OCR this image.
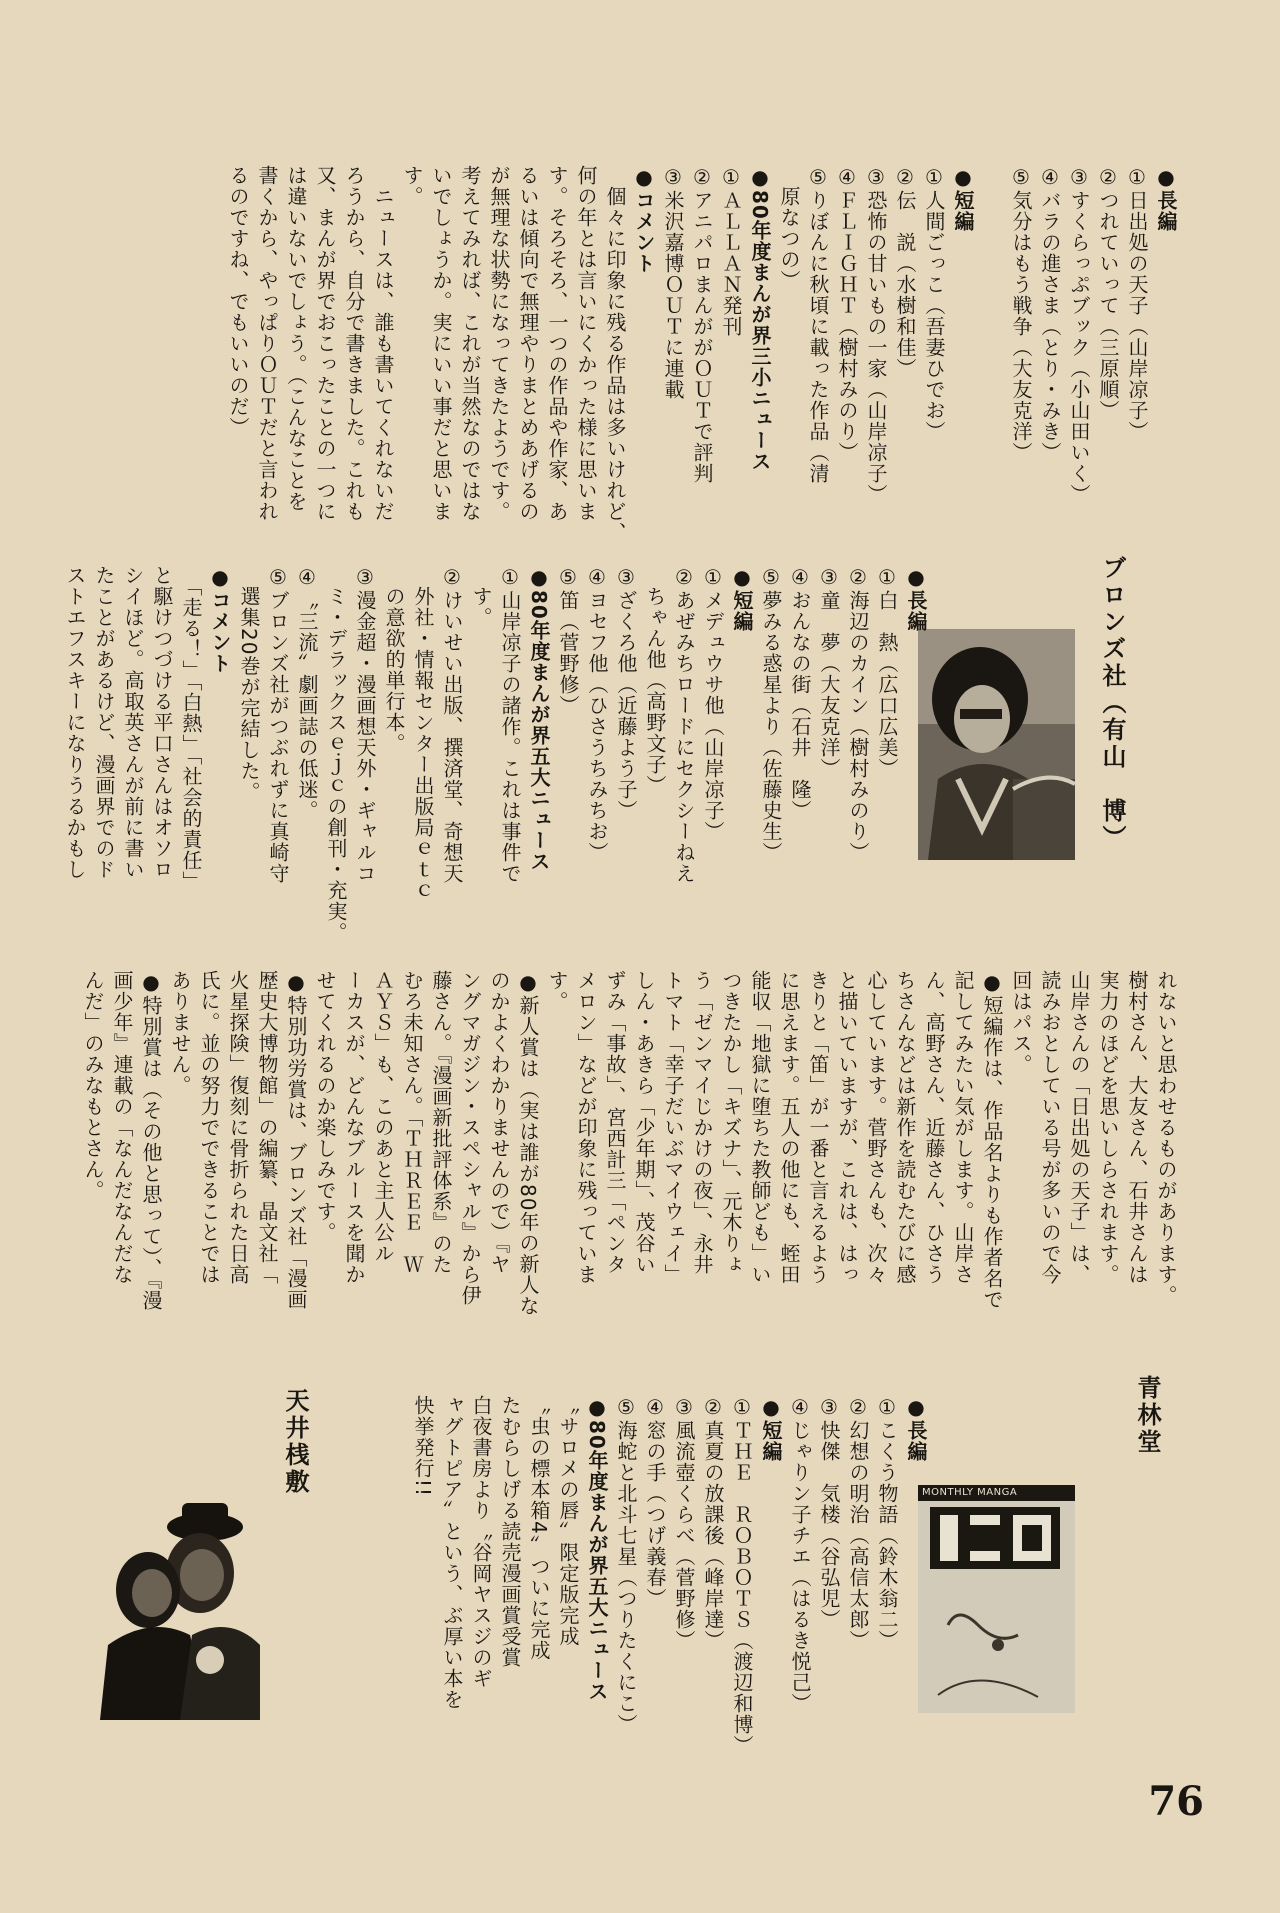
●長編

①日出処の天子（山岸凉子）

②つれていって（三原順）

③すくらっぷブック（小山田いく）

④バラの進さま（とり・みき）

⑤気分はもう戦争（大友克洋）

●短編

①人間ごっこ（吾妻ひでお）

②伝　説（水樹和佳）

③恐怖の甘いもの一家（山岸凉子）

④ＦＬＩＧＨＴ（樹村みのり）

⑤りぼんに秋頃に載った作品（清

　原なつの）

●80年度まんが界三小ニュース

①ＡＬＬＡＮ発刊

②アニパロまんががＯＵＴで評判

③米沢嘉博ＯＵＴに連載

●コメント

　個々に印象に残る作品は多いけれど、

何の年とは言いにくかった様に思いま

す。そろそろ、一つの作品や作家、あ

るいは傾向で無理やりまとめあげるの

が無理な状勢になってきたようです。

考えてみれば、これが当然なのではな

いでしょうか。実にいい事だと思いま

す。

　ニュースは、誰も書いてくれないだ

ろうから、自分で書きました。これも

又、まんが界でおこったことの一つに

は違いないでしょう。（こんなことを

書くから、やっぱりＯＵＴだと言われ

るのですね、でもいいのだ）

ブロンズ社（有山　博）

●長編

①白　熱（広口広美）

②海辺のカイン（樹村みのり）

③童　夢（大友克洋）

④おんなの街（石井　隆）

⑤夢みる惑星より（佐藤史生）

●短編

①メデュウサ他（山岸凉子）

②あぜみちロードにセクシーねえ

　ちゃん他（高野文子）

③ざくろ他（近藤よう子）

④ヨセフ他（ひさうちみちお）

⑤笛（菅野修）

●80年度まんが界五大ニュース

①山岸凉子の諸作。これは事件で

　す。

②けいせい出版、撰済堂、奇想天

　外社・情報センター出版局ｅｔｃ

　の意欲的単行本。

③漫金超・漫画想天外・ギャルコ

　ミ・デラックスｅｊｃの創刊・充実。

④〝三流〟劇画誌の低迷。

⑤ブロンズ社がつぶれずに真崎守

　選集20巻が完結した。

●コメント

　「走る！」「白熱」「社会的責任」

と駆けつづける平口さんはオソロ

シイほど。高取英さんが前に書い

たことがあるけど、漫画界でのド

ストエフスキーになりうるかもし

れないと思わせるものがあります。

樹村さん、大友さん、石井さんは

実力のほどを思いしらされます。

山岸さんの「日出処の天子」は、

読みおとしている号が多いので今

回はパス。

●短編作は、作品名よりも作者名で

記してみたい気がします。山岸さ

ん、高野さん、近藤さん、ひさう

ちさんなどは新作を読むたびに感

心しています。菅野さんも、次々

と描いていますが、これは、はっ

きりと「笛」が一番と言えるよう

に思えます。五人の他にも、蛭田

能収「地獄に堕ちた教師ども」い

つきたかし「キズナ」、元木りょ

う「ゼンマイじかけの夜」、永井

トマト「幸子だいぶマイウェイ」

しん・あきら「少年期」、茂谷い

ずみ「事故」、宮西計三「ペンタ

メロン」などが印象に残っていま

す。

●新人賞は（実は誰が80年の新人な

のかよくわかりませんので）『ヤ

ングマガジン・スペシャル』から伊

藤さん。『漫画新批評体系』のた

むろ未知さん。「ＴＨＲＥＥ　Ｗ

ＡＹＳ」も、このあと主人公ル

ーカスが、どんなブルースを聞か

せてくれるのか楽しみです。

●特別功労賞は、ブロンズ社「漫画

歴史大博物館」の編纂、晶文社「

火星探険」復刻に骨折られた日高

氏に。並の努力でできることでは

ありません。

●特別賞は（その他と思って）、『漫

画少年』連載の「なんだなんだな

んだ」のみなもとさん。

青林堂
MONTHLY MANGA

●長編

①こくう物語（鈴木翁二）

②幻想の明治（高信太郎）

③快傑　気楼（谷弘児）

④じゃりン子チエ（はるき悦己）

●短編

①ＴＨＥ　ＲＯＢＯＴＳ（渡辺和博）

②真夏の放課後（峰岸達）

③風流壺くらべ（菅野修）

④窓の手（つげ義春）

⑤海蛇と北斗七星（つりたくにこ）

●80年度まんが界五大ニュース

〝サロメの唇〟限定版完成

〝虫の標本箱4〟ついに完成

たむらしげる読売漫画賞受賞

白夜書房より〝谷岡ヤスジのギ

ャグトピア〟という、ぶ厚い本を

快挙発行!!

天井桟敷
76
